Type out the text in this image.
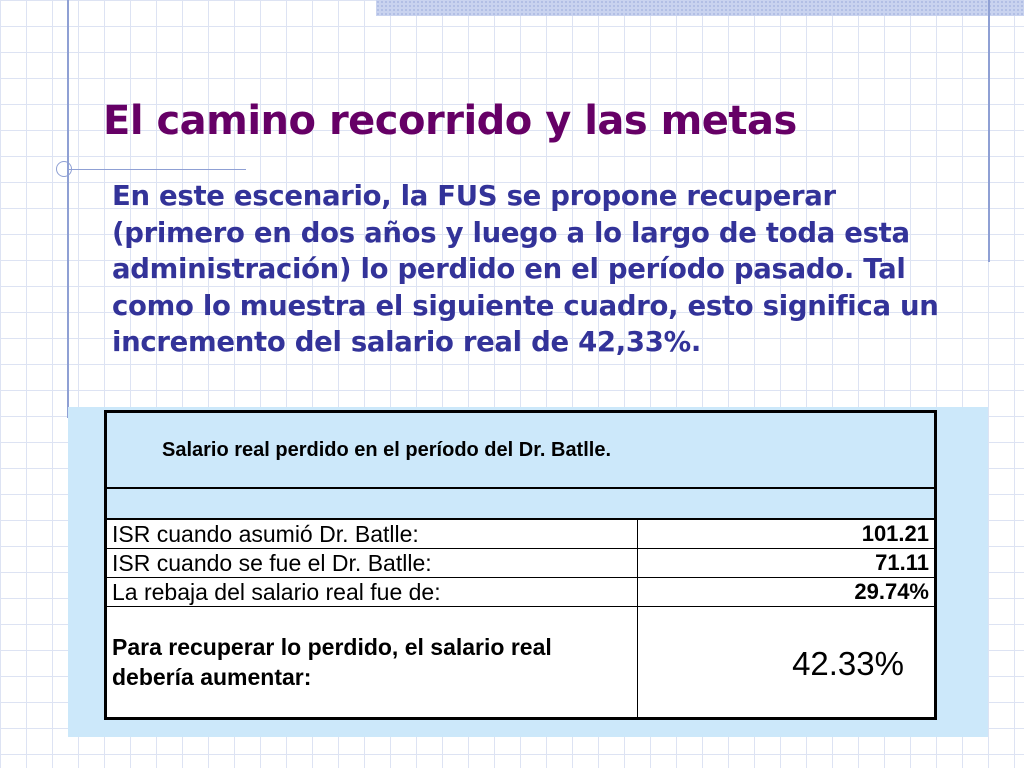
El camino recorrido y las metas

En este escenario, la FUS se propone recuperar (primero en dos años y luego a lo largo de toda esta administración) lo perdido en el período pasado. Tal como lo muestra el siguiente cuadro, esto significa un incremento del salario real de 42,33%.

Salario real perdido en el período del Dr. Batlle.	

ISR cuando asumió Dr. Batlle:	101.21
ISR cuando se fue el Dr. Batlle:	71.11
La rebaja del salario real fue de:	29.74%
Para recuperar lo perdido, el salario real debería aumentar:	42.33%
